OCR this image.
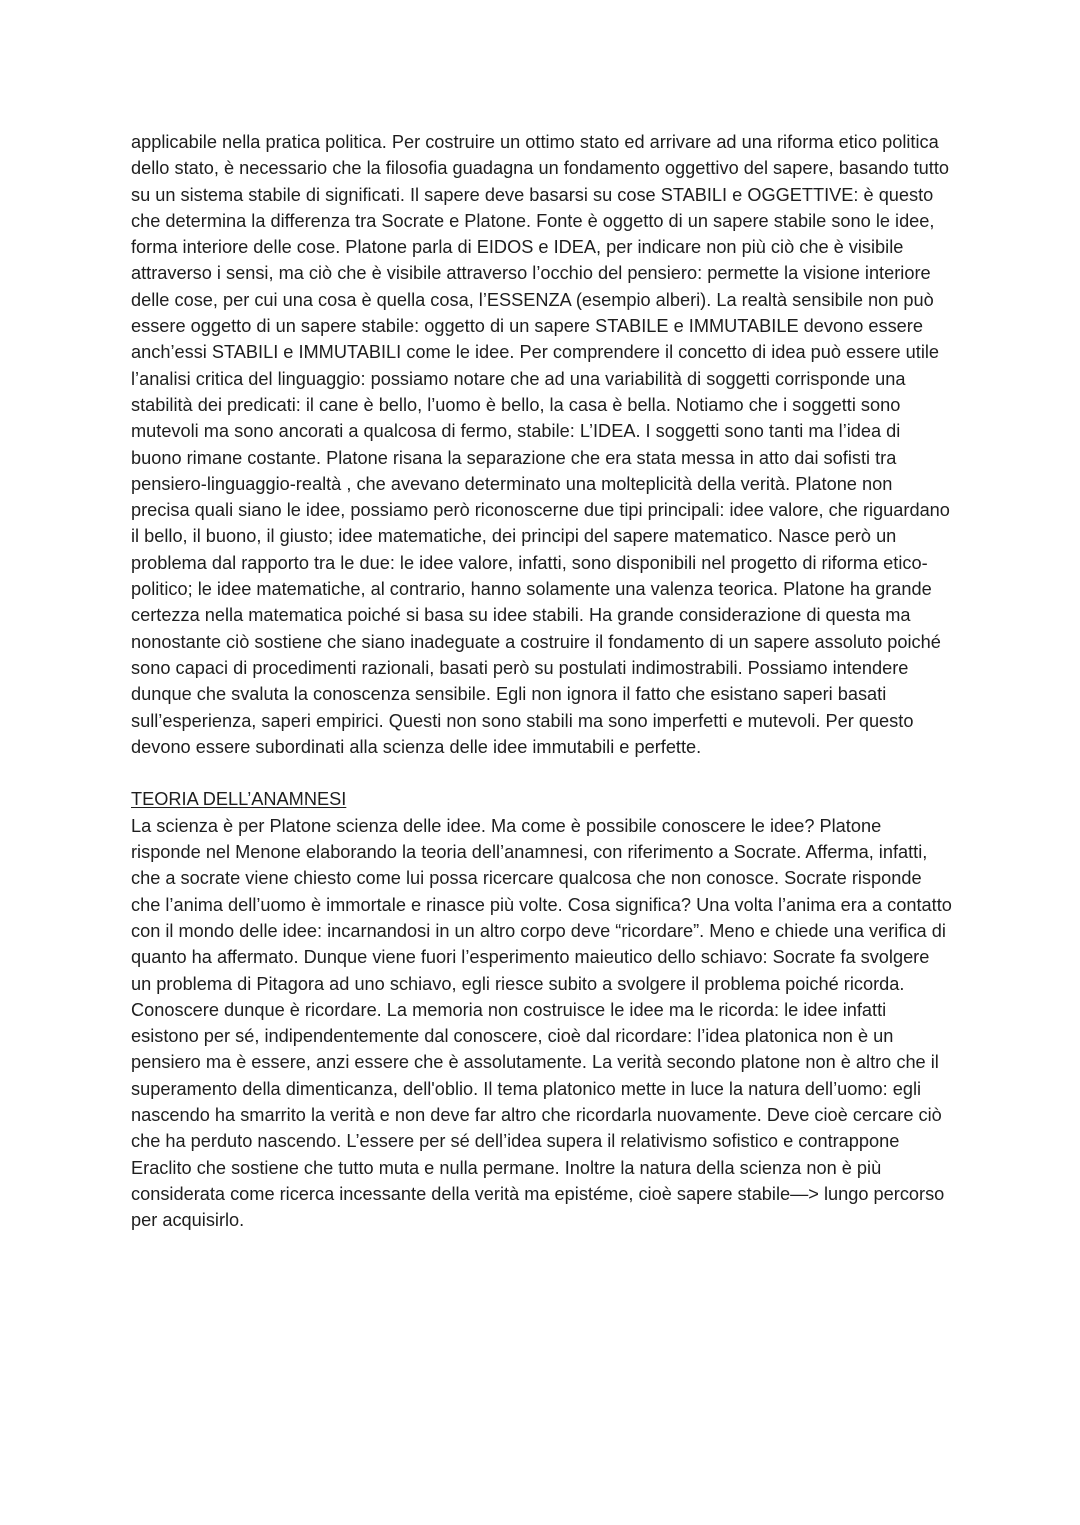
applicabile nella pratica politica. Per costruire un ottimo stato ed arrivare ad una riforma etico politica dello stato, è necessario che la filosofia guadagna un fondamento oggettivo del sapere, basando tutto su un sistema stabile di significati. Il sapere deve basarsi su cose STABILI e OGGETTIVE: è questo che determina la differenza tra Socrate e Platone. Fonte è oggetto di un sapere stabile sono le idee, forma interiore delle cose. Platone parla di EIDOS e IDEA, per indicare non più ciò che è visibile attraverso i sensi, ma ciò che è visibile attraverso l’occhio del pensiero: permette la visione interiore delle cose, per cui una cosa è quella cosa, l’ESSENZA (esempio alberi). La realtà sensibile non può essere oggetto di un sapere stabile: oggetto di un sapere STABILE e IMMUTABILE devono essere anch’essi STABILI e IMMUTABILI come le idee. Per comprendere il concetto di idea può essere utile l’analisi critica del linguaggio: possiamo notare che ad una variabilità di soggetti corrisponde una stabilità dei predicati: il cane è bello, l’uomo è bello, la casa è bella. Notiamo che i soggetti sono mutevoli ma sono ancorati a qualcosa di fermo, stabile: L’IDEA. I soggetti sono tanti ma l’idea di buono rimane costante. Platone risana la separazione che era stata messa in atto dai sofisti tra pensiero-linguaggio-realtà , che avevano determinato una molteplicità della verità. Platone non precisa quali siano le idee, possiamo però riconoscerne due tipi principali: idee valore, che riguardano il bello, il buono, il giusto; idee matematiche, dei principi del sapere matematico. Nasce però un problema dal rapporto tra le due: le idee valore, infatti, sono disponibili nel progetto di riforma etico-politico; le idee matematiche, al contrario, hanno solamente una valenza teorica. Platone ha grande certezza nella matematica poiché si basa su idee stabili. Ha grande considerazione di questa ma nonostante ciò sostiene che siano inadeguate a costruire il fondamento di un sapere assoluto poiché sono capaci di procedimenti razionali, basati però su postulati indimostrabili. Possiamo intendere dunque che svaluta la conoscenza sensibile. Egli non ignora il fatto che esistano saperi basati sull’esperienza, saperi empirici. Questi non sono stabili ma sono imperfetti e mutevoli. Per questo devono essere subordinati alla scienza delle idee immutabili e perfette.

TEORIA DELL’ANAMNESI

La scienza è per Platone scienza delle idee. Ma come è possibile conoscere le idee? Platone risponde nel Menone elaborando la teoria dell’anamnesi, con riferimento a Socrate. Afferma, infatti, che a socrate viene chiesto come lui possa ricercare qualcosa che non conosce. Socrate risponde che l’anima dell’uomo è immortale e rinasce più volte. Cosa significa? Una volta l’anima era a contatto con il mondo delle idee: incarnandosi in un altro corpo deve “ricordare”. Meno e chiede una verifica di quanto ha affermato. Dunque viene fuori l’esperimento maieutico dello schiavo: Socrate fa svolgere un problema di Pitagora ad uno schiavo, egli riesce subito a svolgere il problema poiché ricorda. Conoscere dunque è ricordare. La memoria non costruisce le idee ma le ricorda: le idee infatti esistono per sé, indipendentemente dal conoscere, cioè dal ricordare: l’idea platonica non è un pensiero ma è essere, anzi essere che è assolutamente. La verità secondo platone non è altro che il superamento della dimenticanza, dell'oblio. Il tema platonico mette in luce la natura dell’uomo: egli nascendo ha smarrito la verità e non deve far altro che ricordarla nuovamente. Deve cioè cercare ciò che ha perduto nascendo. L’essere per sé dell’idea supera il relativismo sofistico e contrappone Eraclito che sostiene che tutto muta e nulla permane. Inoltre la natura della scienza non è più considerata come ricerca incessante della verità ma epistéme, cioè sapere stabile—> lungo percorso per acquisirlo.
